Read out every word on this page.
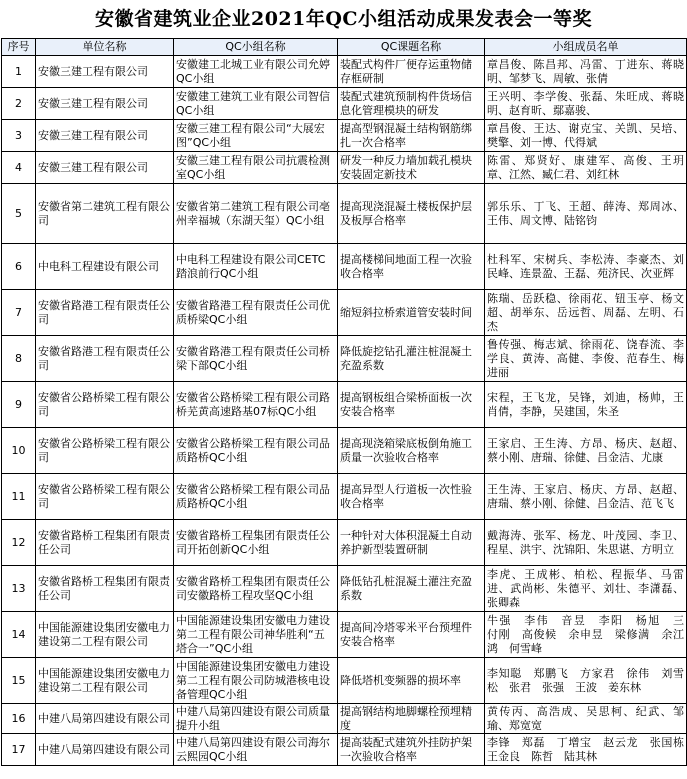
安徽省建筑业企业2021年QC小组活动成果发表会一等奖
序号	单位名称	QC小组名称	QC课题名称	小组成员名单
1	安徽三建工程有限公司	安徽建工北城工业有限公司允婷QC小组	装配式构件厂便存运重物储存框研制	章昌俊、陈昌邦、冯雷、丁进东、蒋晓明、邹梦飞、周敏、张倩
2	安徽三建工程有限公司	安徽建工建筑工业有限公司智信QC小组	装配式建筑预制构件货场信息化管理模块的研发	王兴明、李学俊、张磊、朱旺成、蒋晓明、赵育昕、鄢嘉骏、
3	安徽三建工程有限公司	安徽三建工程有限公司“大展宏图”QC小组	提高型钢混凝土结构钢筋绑扎一次合格率	章昌俊、王达、谢克宝、关凯、吴培、樊擎、刘一博、代得斌
4	安徽三建工程有限公司	安徽三建工程有限公司抗震检测室QC小组	研发一种反力墙加载孔模块安装固定新技术	陈雷、郑贤好、康建军、高俊、王玥章、江然、臧仁君、刘红林
5	安徽省第二建筑工程有限公司	安徽省第二建筑工程有限公司亳州幸福城（东湖天玺）QC小组	提高现浇混凝土楼板保护层及板厚合格率	郭乐乐、丁飞、王超、薛涛、郑周冰、王伟、周文博、陆铭钧
6	中电科工程建设有限公司	中电科工程建设有限公司CETC踏浪前行QC小组	提高楼梯间地面工程一次验收合格率	杜科军、宋树兵、李松涛、李豪杰、刘民峰、连景盈、王磊、苑济民、次亚辉
7	安徽省路港工程有限责任公司	安徽省路港工程有限责任公司优质桥梁QC小组	缩短斜拉桥索道管安装时间	陈瑞、岳跃稳、徐雨花、钮玉亭、杨文超、胡举东、岳远哲、周磊、左明、石杰
8	安徽省路港工程有限责任公司	安徽省路港工程有限责任公司桥梁下部QC小组	降低旋挖钻孔灌注桩混凝土充盈系数	鲁传强、梅志斌、徐雨花、饶春流、李学良、黄涛、高健、李俊、范春生、梅进丽
9	安徽省公路桥梁工程有限公司	安徽省公路桥梁工程有限公司路桥芜黄高速路基07标QC小组	提高钢板组合梁桥面板一次安装合格率	宋程，王飞龙，吴锋，刘迪，杨帅，王肖倩，李静，吴建国，朱圣
10	安徽省公路桥梁工程有限公司	安徽省公路桥梁工程有限公司品质路桥QC小组	提高现浇箱梁底板倒角施工质量一次验收合格率	王家启、王生涛、方昂、杨庆、赵超、蔡小刚、唐瑞、徐健、吕金洁、尤康
11	安徽省公路桥梁工程有限公司	安徽省公路桥梁工程有限公司品质路桥QC小组	提高异型人行道板一次性验收合格率	王生涛、王家启、杨庆、方昂、赵超、唐瑞、蔡小刚、徐健、吕金洁、范飞飞
12	安徽省路桥工程集团有限责任公司	安徽省路桥工程集团有限责任公司开拓创新QC小组	一种针对大体积混凝土自动养护新型装置研制	戴海涛、张军、杨龙、叶茂园、李卫、程星、洪宇、沈锦阳、朱思谌、方明立
13	安徽省路桥工程集团有限责任公司	安徽省路桥工程集团有限责任公司安徽路桥工程攻坚QC小组	降低钻孔桩混凝土灌注充盈系数	李虎、王成彬、柏松、程振华、马雷进、武尚彬、朱德平、刘壮、李潇磊、张卿森
14	中国能源建设集团安徽电力建设第二工程有限公司	中国能源建设集团安徽电力建设第二工程有限公司神华胜利“五塔合一”QC小组	提高间冷塔零米平台预埋件安装合格率	牛强　李伟　音昱　李阳　杨旭　三　付刚　高俊候　余申昱　梁修满　余江鸿　何雪峰
15	中国能源建设集团安徽电力建设第二工程有限公司	中国能源建设集团安徽电力建设第二工程有限公司防城港核电设备管理QC小组	降低塔机变频器的损坏率	李知聪　郑鹏飞　方家君　徐伟　刘雪松　张君　张强　王波　姜东林
16	中建八局第四建设有限公司	中建八局第四建设有限公司质量提升小组	提高钢结构地脚螺栓预埋精度	黄传丙、高浩成、吴思柯、纪武、邹瑜、郑宽宽
17	中建八局第四建设有限公司	中建八局第四建设有限公司海尔云熙园QC小组	提高装配式建筑外挂防护架一次验收合格率	李锋　郑磊　丁增宝　赵云龙　张国栋　王金良　陈哲　陆其林
